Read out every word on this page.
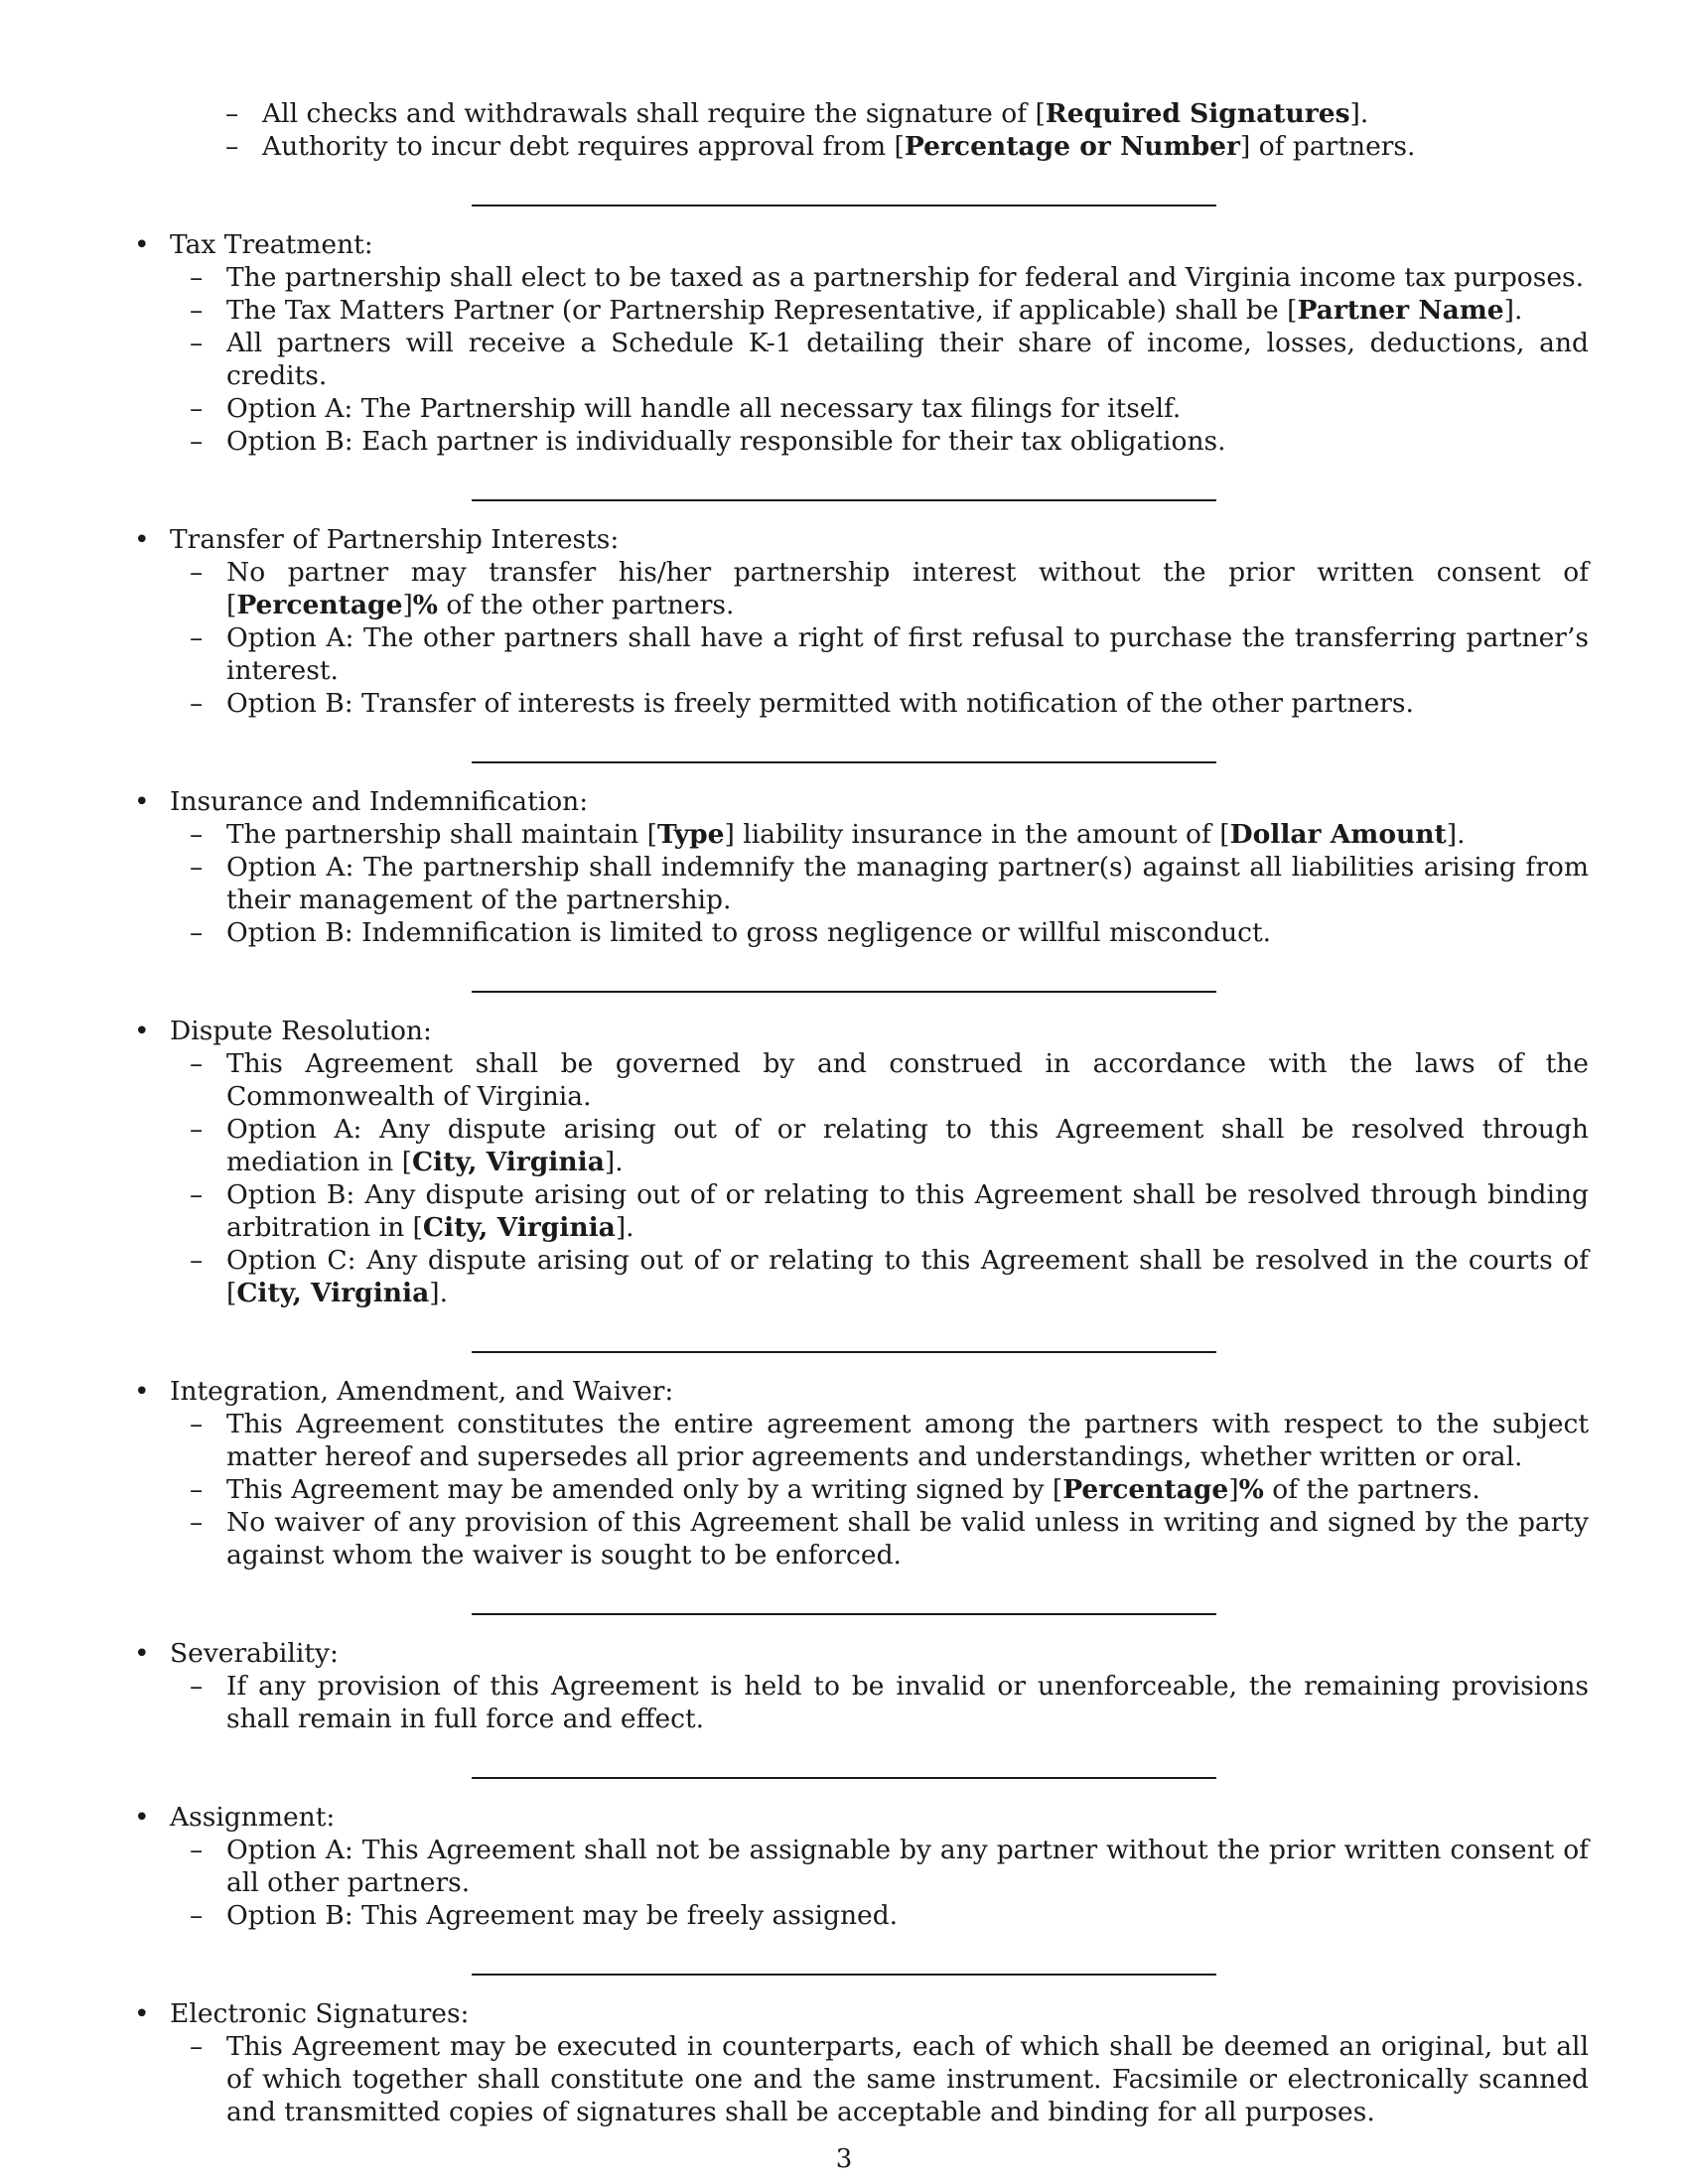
– All checks and withdrawals shall require the signature of [Required Signatures].
– Authority to incur debt requires approval from [Percentage or Number] of partners.
• Tax Treatment:
– The partnership shall elect to be taxed as a partnership for federal and Virginia income tax purposes.
– The Tax Matters Partner (or Partnership Representative, if applicable) shall be [Partner Name].
– All partners will receive a Schedule K-1 detailing their share of income, losses, deductions, and credits.
– Option A: The Partnership will handle all necessary tax filings for itself.
– Option B: Each partner is individually responsible for their tax obligations.
• Transfer of Partnership Interests:
– No partner may transfer his/her partnership interest without the prior written consent of [Percentage]% of the other partners.
– Option A: The other partners shall have a right of first refusal to purchase the transferring partner’s interest.
– Option B: Transfer of interests is freely permitted with notification of the other partners.
• Insurance and Indemnification:
– The partnership shall maintain [Type] liability insurance in the amount of [Dollar Amount].
– Option A: The partnership shall indemnify the managing partner(s) against all liabilities arising from their management of the partnership.
– Option B: Indemnification is limited to gross negligence or willful misconduct.
• Dispute Resolution:
– This Agreement shall be governed by and construed in accordance with the laws of the Commonwealth of Virginia.
– Option A: Any dispute arising out of or relating to this Agreement shall be resolved through mediation in [City, Virginia].
– Option B: Any dispute arising out of or relating to this Agreement shall be resolved through binding arbitration in [City, Virginia].
– Option C: Any dispute arising out of or relating to this Agreement shall be resolved in the courts of [City, Virginia].
• Integration, Amendment, and Waiver:
– This Agreement constitutes the entire agreement among the partners with respect to the subject matter hereof and supersedes all prior agreements and understandings, whether written or oral.
– This Agreement may be amended only by a writing signed by [Percentage]% of the partners.
– No waiver of any provision of this Agreement shall be valid unless in writing and signed by the party against whom the waiver is sought to be enforced.
• Severability:
– If any provision of this Agreement is held to be invalid or unenforceable, the remaining provisions shall remain in full force and effect.
• Assignment:
– Option A: This Agreement shall not be assignable by any partner without the prior written consent of all other partners.
– Option B: This Agreement may be freely assigned.
• Electronic Signatures:
– This Agreement may be executed in counterparts, each of which shall be deemed an original, but all of which together shall constitute one and the same instrument. Facsimile or electronically scanned and transmitted copies of signatures shall be acceptable and binding for all purposes.
3
